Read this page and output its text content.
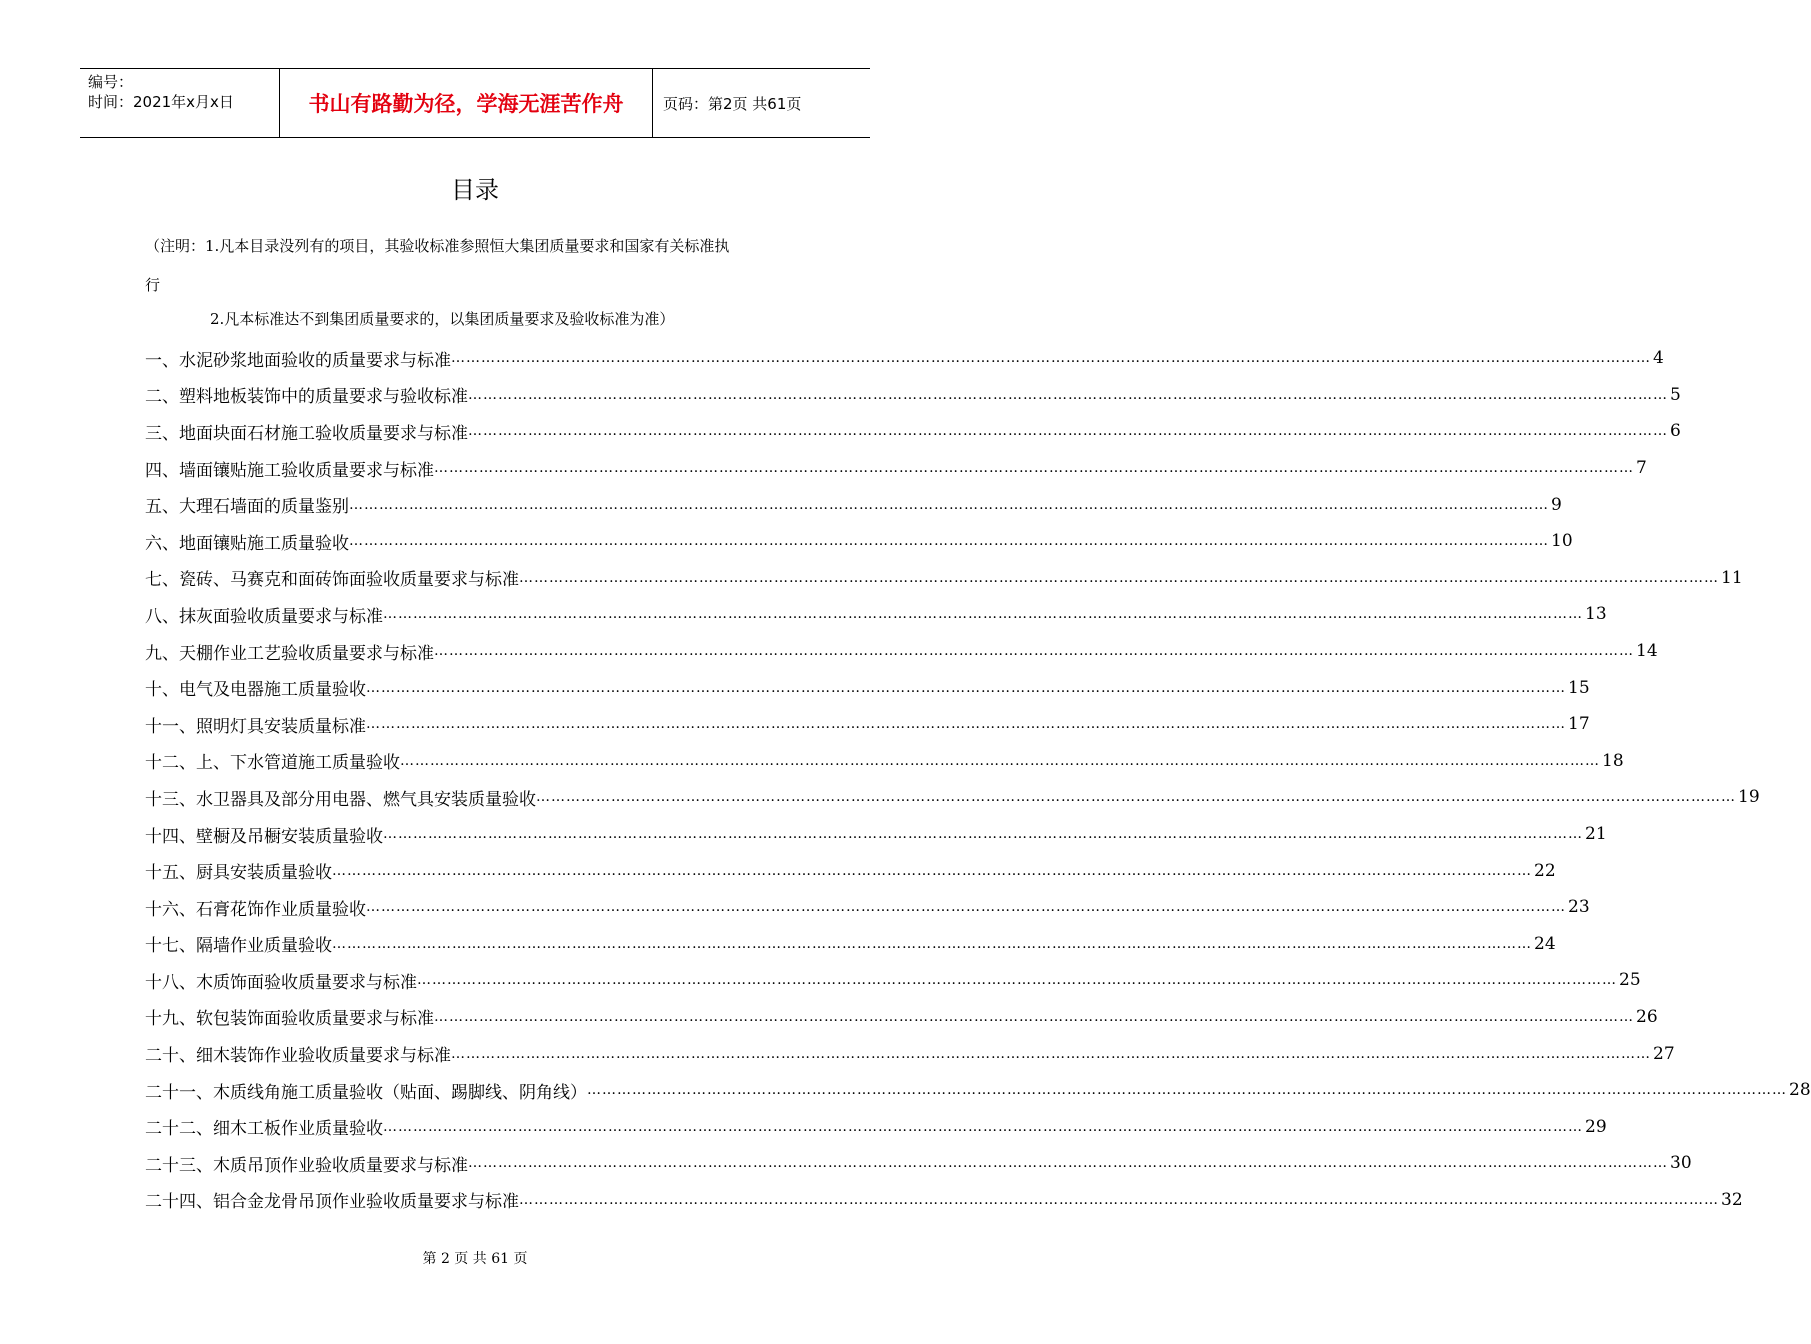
编号：
时间：2021年x月x日	书山有路勤为径，学海无涯苦作舟	页码：第2页 共61页
目录
（注明：1.凡本目录没列有的项目，其验收标准参照恒大集团质量要求和国家有关标准执
行
2.凡本标准达不到集团质量要求的，以集团质量要求及验收标准为准）
一、 水泥砂浆地面验收的质量要求与标准 …………………………………………………………………………………………………………………………………………………………………………………………………………………… 4
二、 塑料地板装饰中的质量要求与验收标准 …………………………………………………………………………………………………………………………………………………………………………………………………………………… 5
三、 地面块面石材施工验收质量要求与标准 …………………………………………………………………………………………………………………………………………………………………………………………………………………… 6
四、 墙面镶贴施工验收质量要求与标准 …………………………………………………………………………………………………………………………………………………………………………………………………………………… 7
五、 大理石墙面的质量鉴别 …………………………………………………………………………………………………………………………………………………………………………………………………………………… 9
六、 地面镶贴施工质量验收 …………………………………………………………………………………………………………………………………………………………………………………………………………………… 10
七、 瓷砖、马赛克和面砖饰面验收质量要求与标准 …………………………………………………………………………………………………………………………………………………………………………………………………………………… 11
八、 抹灰面验收质量要求与标准 …………………………………………………………………………………………………………………………………………………………………………………………………………………… 13
九、 天棚作业工艺验收质量要求与标准 …………………………………………………………………………………………………………………………………………………………………………………………………………………… 14
十、 电气及电器施工质量验收 …………………………………………………………………………………………………………………………………………………………………………………………………………………… 15
十一、 照明灯具安装质量标准 …………………………………………………………………………………………………………………………………………………………………………………………………………………… 17
十二、 上、下水管道施工质量验收 …………………………………………………………………………………………………………………………………………………………………………………………………………………… 18
十三、 水卫器具及部分用电器、燃气具安装质量验收 …………………………………………………………………………………………………………………………………………………………………………………………………………………… 19
十四、 壁橱及吊橱安装质量验收 …………………………………………………………………………………………………………………………………………………………………………………………………………………… 21
十五、 厨具安装质量验收 …………………………………………………………………………………………………………………………………………………………………………………………………………………… 22
十六、 石膏花饰作业质量验收 …………………………………………………………………………………………………………………………………………………………………………………………………………………… 23
十七、 隔墙作业质量验收 …………………………………………………………………………………………………………………………………………………………………………………………………………………… 24
十八、 木质饰面验收质量要求与标准 …………………………………………………………………………………………………………………………………………………………………………………………………………………… 25
十九、 软包装饰面验收质量要求与标准 …………………………………………………………………………………………………………………………………………………………………………………………………………………… 26
二十、 细木装饰作业验收质量要求与标准 …………………………………………………………………………………………………………………………………………………………………………………………………………………… 27
二十一、 木质线角施工质量验收（贴面、踢脚线、阴角线） …………………………………………………………………………………………………………………………………………………………………………………………………………………… 28
二十二、 细木工板作业质量验收 …………………………………………………………………………………………………………………………………………………………………………………………………………………… 29
二十三、 木质吊顶作业验收质量要求与标准 …………………………………………………………………………………………………………………………………………………………………………………………………………………… 30
二十四、 铝合金龙骨吊顶作业验收质量要求与标准 …………………………………………………………………………………………………………………………………………………………………………………………………………………… 32
第 2 页 共 61 页
